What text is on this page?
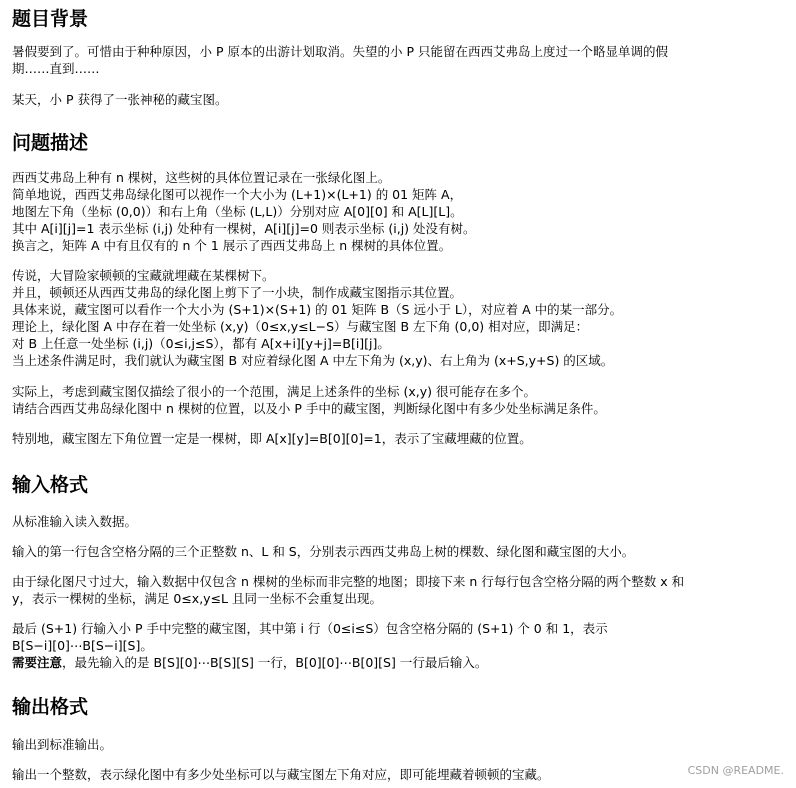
题目背景
暑假要到了。可惜由于种种原因，小 P 原本的出游计划取消。失望的小 P 只能留在西西艾弗岛上度过一个略显单调的假
期……直到……
某天，小 P 获得了一张神秘的藏宝图。
问题描述
西西艾弗岛上种有 n 棵树，这些树的具体位置记录在一张绿化图上。
简单地说，西西艾弗岛绿化图可以视作一个大小为 (L+1)×(L+1) 的 01 矩阵 A，
地图左下角（坐标 (0,0)）和右上角（坐标 (L,L)）分别对应 A[0][0] 和 A[L][L]。
其中 A[i][j]=1 表示坐标 (i,j) 处种有一棵树，A[i][j]=0 则表示坐标 (i,j) 处没有树。
换言之，矩阵 A 中有且仅有的 n 个 1 展示了西西艾弗岛上 n 棵树的具体位置。
传说，大冒险家顿顿的宝藏就埋藏在某棵树下。
并且，顿顿还从西西艾弗岛的绿化图上剪下了一小块，制作成藏宝图指示其位置。
具体来说，藏宝图可以看作一个大小为 (S+1)×(S+1) 的 01 矩阵 B（S 远小于 L），对应着 A 中的某一部分。
理论上，绿化图 A 中存在着一处坐标 (x,y)（0≤x,y≤L−S）与藏宝图 B 左下角 (0,0) 相对应，即满足：
对 B 上任意一处坐标 (i,j)（0≤i,j≤S），都有 A[x+i][y+j]=B[i][j]。
当上述条件满足时，我们就认为藏宝图 B 对应着绿化图 A 中左下角为 (x,y)、右上角为 (x+S,y+S) 的区域。
实际上，考虑到藏宝图仅描绘了很小的一个范围，满足上述条件的坐标 (x,y) 很可能存在多个。
请结合西西艾弗岛绿化图中 n 棵树的位置，以及小 P 手中的藏宝图，判断绿化图中有多少处坐标满足条件。
特别地，藏宝图左下角位置一定是一棵树，即 A[x][y]=B[0][0]=1，表示了宝藏埋藏的位置。
输入格式
从标准输入读入数据。
输入的第一行包含空格分隔的三个正整数 n、L 和 S，分别表示西西艾弗岛上树的棵数、绿化图和藏宝图的大小。
由于绿化图尺寸过大，输入数据中仅包含 n 棵树的坐标而非完整的地图；即接下来 n 行每行包含空格分隔的两个整数 x 和
y，表示一棵树的坐标，满足 0≤x,y≤L 且同一坐标不会重复出现。
最后 (S+1) 行输入小 P 手中完整的藏宝图，其中第 i 行（0≤i≤S）包含空格分隔的 (S+1) 个 0 和 1，表示
B[S−i][0]⋯B[S−i][S]。
需要注意，最先输入的是 B[S][0]⋯B[S][S] 一行，B[0][0]⋯B[0][S] 一行最后输入。
输出格式
输出到标准输出。
输出一个整数，表示绿化图中有多少处坐标可以与藏宝图左下角对应，即可能埋藏着顿顿的宝藏。	CSDN @README.
